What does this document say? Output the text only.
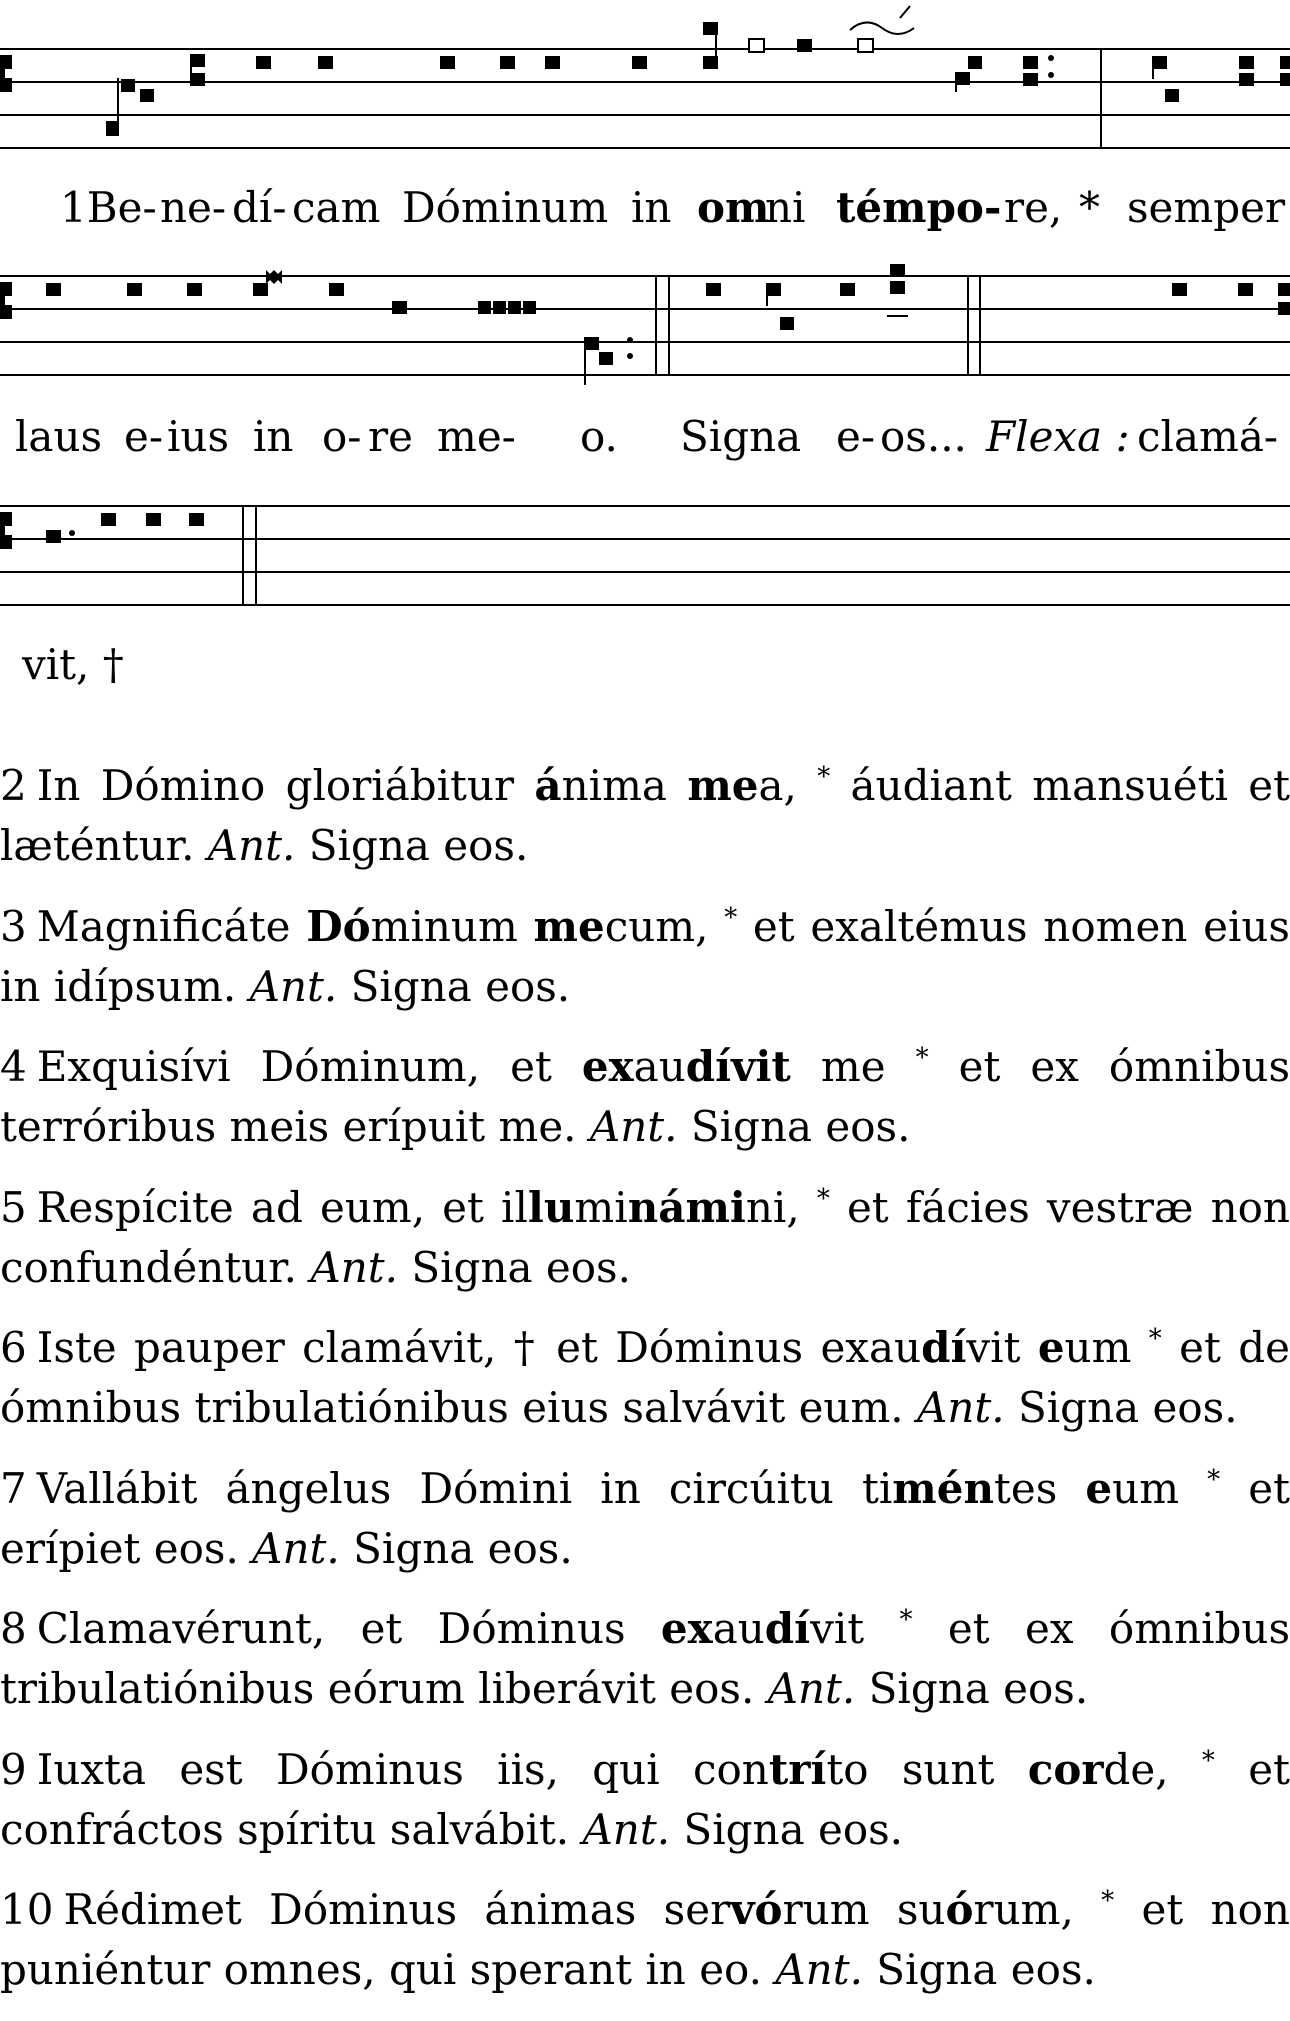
1Be- ne- dí- cam Dóminum in om
ni témpo- re, * semper
laus e- ius in o- re me- o. Signa e- os... Flexa : clamá-
vit, †

2 In Dómino gloriábitur ánima mea, * áudiant mansuéti et læténtur. Ant. Signa eos.

3 Magnificáte Dóminum mecum, * et exaltémus nomen eius in idípsum. Ant. Signa eos.

4 Exquisívi Dóminum, et exaudívit me * et ex ómnibus terróribus meis erípuit me. Ant. Signa eos.

5 Respícite ad eum, et illuminámini, * et fácies vestræ non confundéntur. Ant. Signa eos.

6 Iste pauper clamávit, † et Dóminus exaudívit eum * et de ómnibus tribulatiónibus eius salvávit eum. Ant. Signa eos.

7 Vallábit ángelus Dómini in circúitu timéntes eum * et erípiet eos. Ant. Signa eos.

8 Clamavérunt, et Dóminus exaudívit * et ex ómnibus tribulatiónibus eórum liberávit eos. Ant. Signa eos.

9 Iuxta est Dóminus iis, qui contríto sunt corde, * et confráctos spíritu salvábit. Ant. Signa eos.

10 Rédimet Dóminus ánimas servórum suórum, * et non puniéntur omnes, qui sperant in eo. Ant. Signa eos.
